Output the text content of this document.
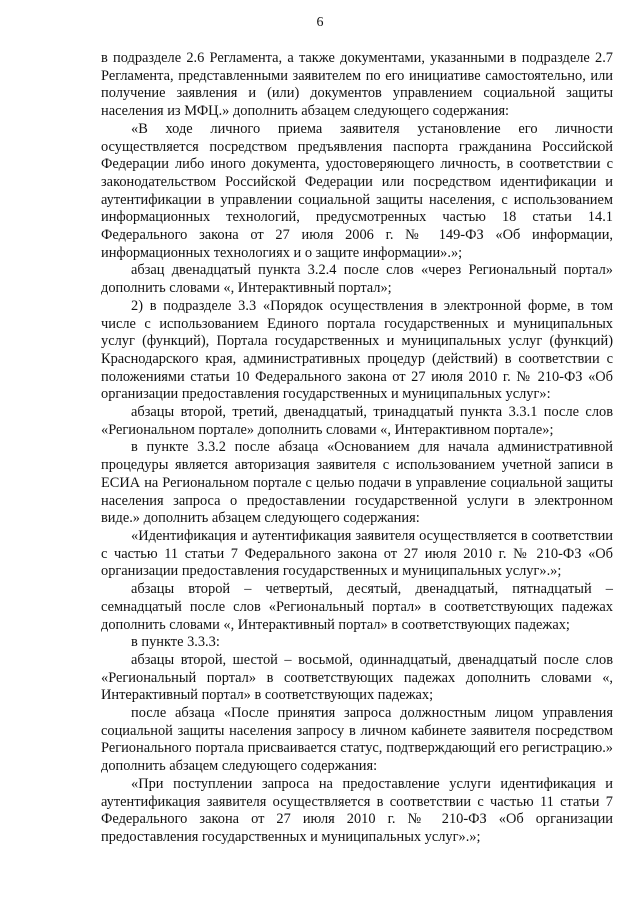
6

в подразделе 2.6 Регламента, а также документами, указанными в подразделе 2.7 Регламента, представленными заявителем по его инициативе самостоятельно, или получение заявления и (или) документов управлением социальной защиты населения из МФЦ.» дополнить абзацем следующего содержания:

«В ходе личного приема заявителя установление его личности осуществляется посредством предъявления паспорта гражданина Российской Федерации либо иного документа, удостоверяющего личность, в соответствии с законодательством Российской Федерации или посредством идентификации и аутентификации в управлении социальной защиты населения, с использованием информационных технологий, предусмотренных частью 18 статьи 14.1 Федерального закона от 27 июля 2006 г. № 149-ФЗ «Об информации, информационных технологиях и о защите информации».»;

абзац двенадцатый пункта 3.2.4 после слов «через Региональный портал» дополнить словами «, Интерактивный портал»;

2) в подразделе 3.3 «Порядок осуществления в электронной форме, в том числе с использованием Единого портала государственных и муниципальных услуг (функций), Портала государственных и муниципальных услуг (функций) Краснодарского края, административных процедур (действий) в соответствии с положениями статьи 10 Федерального закона от 27 июля 2010 г. № 210-ФЗ «Об организации предоставления государственных и муниципальных услуг»:

абзацы второй, третий, двенадцатый, тринадцатый пункта 3.3.1 после слов «Региональном портале» дополнить словами «, Интерактивном портале»;

в пункте 3.3.2 после абзаца «Основанием для начала административной процедуры является авторизация заявителя с использованием учетной записи в ЕСИА на Региональном портале с целью подачи в управление социальной защиты населения запроса о предоставлении государственной услуги в электронном виде.» дополнить абзацем следующего содержания:

«Идентификация и аутентификация заявителя осуществляется в соответствии с частью 11 статьи 7 Федерального закона от 27 июля 2010 г. № 210-ФЗ «Об организации предоставления государственных и муниципальных услуг».»;

абзацы второй – четвертый, десятый, двенадцатый, пятнадцатый – семнадцатый после слов «Региональный портал» в соответствующих падежах дополнить словами «, Интерактивный портал» в соответствующих падежах;

в пункте 3.3.3:

абзацы второй, шестой – восьмой, одиннадцатый, двенадцатый после слов «Региональный портал» в соответствующих падежах дополнить словами «, Интерактивный портал» в соответствующих падежах;

после абзаца «После принятия запроса должностным лицом управления социальной защиты населения запросу в личном кабинете заявителя посредством Регионального портала присваивается статус, подтверждающий его регистрацию.» дополнить абзацем следующего содержания:

«При поступлении запроса на предоставление услуги идентификация и аутентификация заявителя осуществляется в соответствии с частью 11 статьи 7 Федерального закона от 27 июля 2010 г. № 210-ФЗ «Об организации предоставления государственных и муниципальных услуг».»;
